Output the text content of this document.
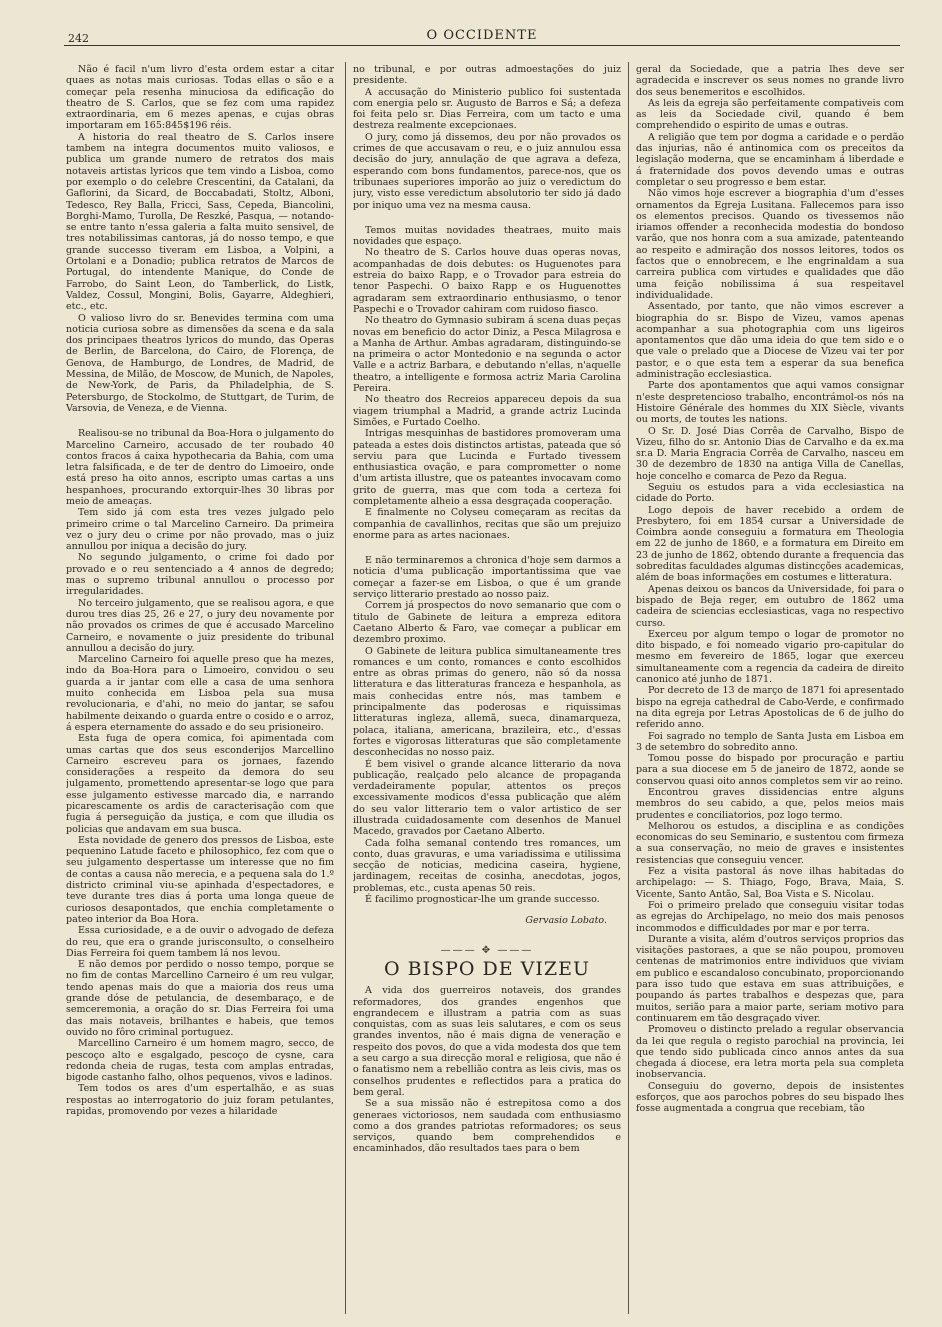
242	O OCCIDENTE

Não é facil n'um livro d'esta ordem estar a citar quaes as notas mais curiosas. Todas ellas o são e a começar pela resenha minuciosa da edificação do theatro de S. Carlos, que se fez com uma rapidez extraordinaria, em 6 mezes apenas, e cujas obras importaram em 165:845$196 réis.

A historia do real theatro de S. Carlos insere tambem na integra documentos muito valiosos, e publica um grande numero de retratos dos mais notaveis artistas lyricos que tem vindo a Lisboa, como por exemplo o do celebre Crescentini, da Catalani, da Gaflorini, da Sicard, de Boccabadati, Stoltz, Alboni, Tedesco, Rey Balla, Fricci, Sass, Cepeda, Biancolini, Borghi-Mamo, Turolla, De Reszké, Pasqua, — notando-se entre tanto n'essa galeria a falta muito sensivel, de tres notabilissimas cantoras, já do nosso tempo, e que grande successo tiveram em Lisboa, a Volpini, a Ortolani e a Donadio; publica retratos de Marcos de Portugal, do intendente Manique, do Conde de Farrobo, do Saint Leon, do Tamberlick, do Listk, Valdez, Cossul, Mongini, Bolis, Gayarre, Aldeghieri, etc., etc.

O valioso livro do sr. Benevides termina com uma noticia curiosa sobre as dimensões da scena e da sala dos principaes theatros lyricos do mundo, das Operas de Berlin, de Barcelona, do Cairo, de Florença, de Genova, de Hamburgo, de Londres, de Madrid, de Messina, de Milão, de Moscow, de Munich, de Napoles, de New-York, de Paris, da Philadelphia, de S. Petersburgo, de Stockolmo, de Stuttgart, de Turim, de Varsovia, de Veneza, e de Vienna.

Realisou-se no tribunal da Boa-Hora o julgamento do Marcelino Carneiro, accusado de ter roubado 40 contos fracos á caixa hypothecaria da Bahia, com uma letra falsificada, e de ter de dentro do Limoeiro, onde está preso ha oito annos, escripto umas cartas a uns hespanhoes, procurando extorquir-lhes 30 libras por meio de ameaças.

Tem sido já com esta tres vezes julgado pelo primeiro crime o tal Marcelino Carneiro. Da primeira vez o jury deu o crime por não provado, mas o juiz annullou por iniqua a decisão do jury.

No segundo julgamento, o crime foi dado por provado e o reu sentenciado a 4 annos de degredo; mas o supremo tribunal annullou o processo por irregularidades.

No terceiro julgamento, que se realisou agora, e que durou tres dias 25, 26 e 27, o jury deu novamente por não provados os crimes de que é accusado Marcelino Carneiro, e novamente o juiz presidente do tribunal annullou a decisão do jury.

Marcelino Carneiro foi aquelle preso que ha mezes, indo da Boa-Hora para o Limoeiro, convidou o seu guarda a ir jantar com elle a casa de uma senhora muito conhecida em Lisboa pela sua musa revolucionaria, e d'ahi, no meio do jantar, se safou habilmente deixando o guarda entre o cosido e o arroz, á espera eternamente do assado e do seu prisioneiro.

Esta fuga de opera comica, foi apimentada com umas cartas que dos seus esconderijos Marcellino Carneiro escreveu para os jornaes, fazendo considerações a respeito da demora do seu julgamento, promettendo apresentar-se logo que para esse julgamento estivesse marcado dia, e narrando picarescamente os ardis de caracterisação com que fugia á perseguição da justiça, e com que illudia os policias que andavam em sua busca.

Esta novidade de genero dos pressos de Lisboa, este pequenino Latude faceto e philosophico, fez com que o seu julgamento despertasse um interesse que no fim de contas a causa não merecia, e a pequena sala do 1.º districto criminal viu-se apinhada d'espectadores, e teve durante tres dias á porta uma longa queue de curiosos desapontados, que enchia completamente o pateo interior da Boa Hora.

Essa curiosidade, e a de ouvir o advogado de defeza do reu, que era o grande jurisconsulto, o conselheiro Dias Ferreira foi quem tambem lá nos levou.

E não demos por perdido o nosso tempo, porque se no fim de contas Marcellino Carneiro é um reu vulgar, tendo apenas mais do que a maioria dos reus uma grande dóse de petulancia, de desembaraço, e de semceremonia, a oração do sr. Dias Ferreira foi uma das mais notaveis, brilhantes e habeis, que temos ouvido no fôro criminal portuguez.

Marcellino Carneiro é um homem magro, secco, de pescoço alto e esgalgado, pescoço de cysne, cara redonda cheia de rugas, testa com amplas entradas, bigode castanho falho, olhos pequenos, vivos e ladinos.

Tem todos os ares d'um espertalhão, e as suas respostas ao interrogatorio do juiz foram petulantes, rapidas, promovendo por vezes a hilaridade

no tribunal, e por outras admoestações do juiz presidente.

A accusação do Ministerio publico foi sustentada com energia pelo sr. Augusto de Barros e Sá; a defeza foi feita pelo sr. Dias Ferreira, com um tacto e uma destreza realmente excepcionaes.

O jury, como já dissemos, deu por não provados os crimes de que accusavam o reu, e o juiz annulou essa decisão do jury, annulação de que agrava a defeza, esperando com bons fundamentos, parece-nos, que os tribunaes superiores imporão ao juiz o veredictum do jury, visto esse veredictum absolutorio ter sido já dado por iniquo uma vez na mesma causa.

Temos muitas novidades theatraes, muito mais novidades que espaço.

No theatro de S. Carlos houve duas operas novas, acompanhadas de dois debutes: os Huguenotes para estreia do baixo Rapp, e o Trovador para estreia do tenor Paspechi. O baixo Rapp e os Huguenottes agradaram sem extraordinario enthusiasmo, o tenor Paspechi e o Trovador cahiram com ruidoso fiasco.

No theatro do Gymnasio subiram á scena duas peças novas em beneficio do actor Diniz, a Pesca Milagrosa e a Manha de Arthur. Ambas agradaram, distinguindo-se na primeira o actor Montedonio e na segunda o actor Valle e a actriz Barbara, e debutando n'ellas, n'aquelle theatro, a intelligente e formosa actriz Maria Carolina Pereira.

No theatro dos Recreios appareceu depois da sua viagem triumphal a Madrid, a grande actriz Lucinda Simões, e Furtado Coelho.

Intrigas mesquinhas de bastidores promoveram uma pateada a estes dois distinctos artistas, pateada que só serviu para que Lucinda e Furtado tivessem enthusiastica ovação, e para comprometter o nome d'um artista illustre, que os pateantes invocavam como grito de guerra, mas que com toda a certeza foi completamente alheio a essa desgraçada cooperação.

E finalmente no Colyseu começaram as recitas da companhia de cavallinhos, recitas que são um prejuizo enorme para as artes nacionaes.

E não terminaremos a chronica d'hoje sem darmos a noticia d'uma publicação importantissima que vae começar a fazer-se em Lisboa, o que é um grande serviço litterario prestado ao nosso paiz.

Correm já prospectos do novo semanario que com o titulo de Gabinete de leitura a empreza editora Caetano Alberto & Faro, vae começar a publicar em dezembro proximo.

O Gabinete de leitura publica simultaneamente tres romances e um conto, romances e conto escolhidos entre as obras primas do genero, não só da nossa litteratura e das litteraturas franceza e hespanhola, as mais conhecidas entre nós, mas tambem e principalmente das poderosas e riquissimas litteraturas ingleza, allemã, sueca, dinamarqueza, polaca, italiana, americana, brazileira, etc., d'essas fortes e vigorosas litteraturas que são completamente desconhecidas no nosso paiz.

É bem visivel o grande alcance litterario da nova publicação, realçado pelo alcance de propaganda verdadeiramente popular, attentos os preços excessivamente modicos d'essa publicação que além do seu valor litterario tem o valor artistico de ser illustrada cuidadosamente com desenhos de Manuel Macedo, gravados por Caetano Alberto.

Cada folha semanal contendo tres romances, um conto, duas gravuras, e uma variadissima e utilissima secção de noticias, medicina caseira, hygiene, jardinagem, receitas de cosinha, anecdotas, jogos, problemas, etc., custa apenas 50 reis.

É facilimo prognosticar-lhe um grande successo.

Gervasio Lobato.

——— ✥ ———
O BISPO DE VIZEU

A vida dos guerreiros notaveis, dos grandes reformadores, dos grandes engenhos que engrandecem e illustram a patria com as suas conquistas, com as suas leis salutares, e com os seus grandes inventos, não é mais digna de veneração e respeito dos povos, do que a vida modesta dos que tem a seu cargo a sua direcção moral e religiosa, que não é o fanatismo nem a rebellião contra as leis civis, mas os conselhos prudentes e reflectidos para a pratica do bem geral.

Se a sua missão não é estrepitosa como a dos generaes victoriosos, nem saudada com enthusiasmo como a dos grandes patriotas reformadores; os seus serviços, quando bem comprehendidos e encaminhados, dão resultados taes para o bem

geral da Sociedade, que a patria lhes deve ser agradecida e inscrever os seus nomes no grande livro dos seus benemeritos e escolhidos.

As leis da egreja são perfeitamente compativeis com as leis da Sociedade civil, quando é bem comprehendido o espirito de umas e outras.

A religião que tem por dogma a caridade e o perdão das injurias, não é antinomica com os preceitos da legislação moderna, que se encaminham á liberdade e á fraternidade dos povos devendo umas e outras completar o seu progresso e bem estar.

Não vimos hoje escrever a biographia d'um d'esses ornamentos da Egreja Lusitana. Fallecemos para isso os elementos precisos. Quando os tivessemos não iriamos offender a reconhecida modestia do bondoso varão, que nos honra com a sua amizade, patenteando ao respeito e admiração dos nossos leitores, todos os factos que o ennobrecem, e lhe engrinaldam a sua carreira publica com virtudes e qualidades que dão uma feição nobilissima á sua respeitavel individualidade.

Assentado, por tanto, que não vimos escrever a biographia do sr. Bispo de Vizeu, vamos apenas acompanhar a sua photographia com uns ligeiros apontamentos que dão uma ideia do que tem sido e o que vale o prelado que a Diocese de Vizeu vai ter por pastor, e o que esta tem a esperar da sua benefica administração ecclesiastica.

Parte dos apontamentos que aqui vamos consignar n'este despretencioso trabalho, encontrámol-os nós na Histoire Générale des hommes du XIX Siècle, vivants ou morts, de toutes les nations.

O Sr. D. José Dias Corrêa de Carvalho, Bispo de Vizeu, filho do sr. Antonio Dias de Carvalho e da ex.ma sr.a D. Maria Engracia Corrêa de Carvalho, nasceu em 30 de dezembro de 1830 na antiga Villa de Canellas, hoje concelho e comarca de Pezo da Regua.

Seguiu os estudos para a vida ecclesiastica na cidade do Porto.

Logo depois de haver recebido a ordem de Presbytero, foi em 1854 cursar a Universidade de Coimbra aonde conseguiu a formatura em Theologia em 22 de junho de 1860, e a formatura em Direito em 23 de junho de 1862, obtendo durante a frequencia das sobreditas faculdades algumas distincções academicas, além de boas informações em costumes e litteratura.

Apenas deixou os bancos da Universidade, foi para o bispado de Beja reger, em outubro de 1862 uma cadeira de sciencias ecclesiasticas, vaga no respectivo curso.

Exerceu por algum tempo o logar de promotor no dito bispado, e foi nomeado vigario pro-capitular do mesmo em fevereiro de 1865, logar que exerceu simultaneamente com a regencia da cadeira de direito canonico até junho de 1871.

Por decreto de 13 de março de 1871 foi apresentado bispo na egreja cathedral de Cabo-Verde, e confirmado na dita egreja por Letras Apostolicas de 6 de julho do referido anno.

Foi sagrado no templo de Santa Justa em Lisboa em 3 de setembro do sobredito anno.

Tomou posse do bispado por procuração e partiu para a sua diocese em 5 de janeiro de 1872, aonde se conservou quasi oito annos completos sem vir ao reino.

Encontrou graves dissidencias entre alguns membros do seu cabido, a que, pelos meios mais prudentes e conciliatorios, poz logo termo.

Melhorou os estudos, a disciplina e as condições economicas do seu Seminario, e sustentou com firmeza a sua conservação, no meio de graves e insistentes resistencias que conseguiu vencer.

Fez a visita pastoral ás nove ilhas habitadas do archipelago: — S. Thiago, Fogo, Brava, Maia, S. Vicente, Santo Antão, Sal, Boa Vista e S. Nicolau.

Foi o primeiro prelado que conseguiu visitar todas as egrejas do Archipelago, no meio dos mais penosos incommodos e difficuldades por mar e por terra.

Durante a visita, além d'outros serviços proprios das visitações pastoraes, a que se não poupou, promoveu centenas de matrimonios entre individuos que viviam em publico e escandaloso concubinato, proporcionando para isso tudo que estava em suas attribuições, e poupando ás partes trabalhos e despezas que, para muitos, serião para a maior parte, seriam motivo para continuarem em tão desgraçado viver.

Promoveu o distincto prelado a regular observancia da lei que regula o registo parochial na provincia, lei que tendo sido publicada cinco annos antes da sua chegada á diocese, era letra morta pela sua completa inobservancia.

Conseguiu do governo, depois de insistentes esforços, que aos parochos pobres do seu bispado lhes fosse augmentada a congrua que recebiam, tão
